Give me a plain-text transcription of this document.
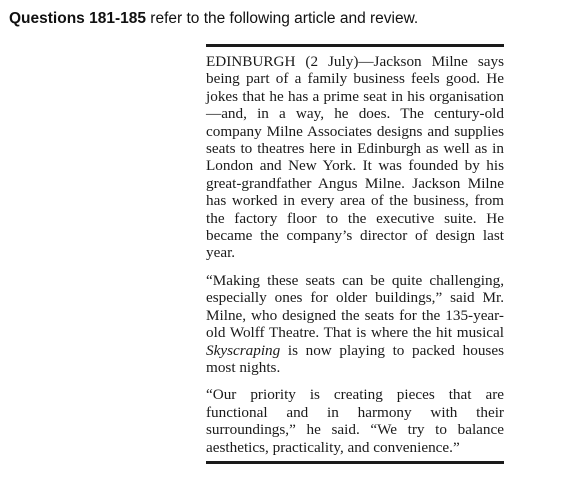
Questions 181-185 refer to the following article and review.

EDINBURGH (2 July)—Jackson Milne says being part of a family business feels good. He jokes that he has a prime seat in his organisation—and, in a way, he does. The century-old company Milne Associates designs and supplies seats to theatres here in Edinburgh as well as in London and New York. It was founded by his great-grandfather Angus Milne. Jackson Milne has worked in every area of the business, from the factory floor to the executive suite. He became the company’s director of design last year.

“Making these seats can be quite challenging, especially ones for older buildings,” said Mr. Milne, who designed the seats for the 135-year-old Wolff Theatre. That is where the hit musical Skyscraping is now playing to packed houses most nights.

“Our priority is creating pieces that are functional and in harmony with their surroundings,” he said. “We try to balance aesthetics, practicality, and convenience.”
